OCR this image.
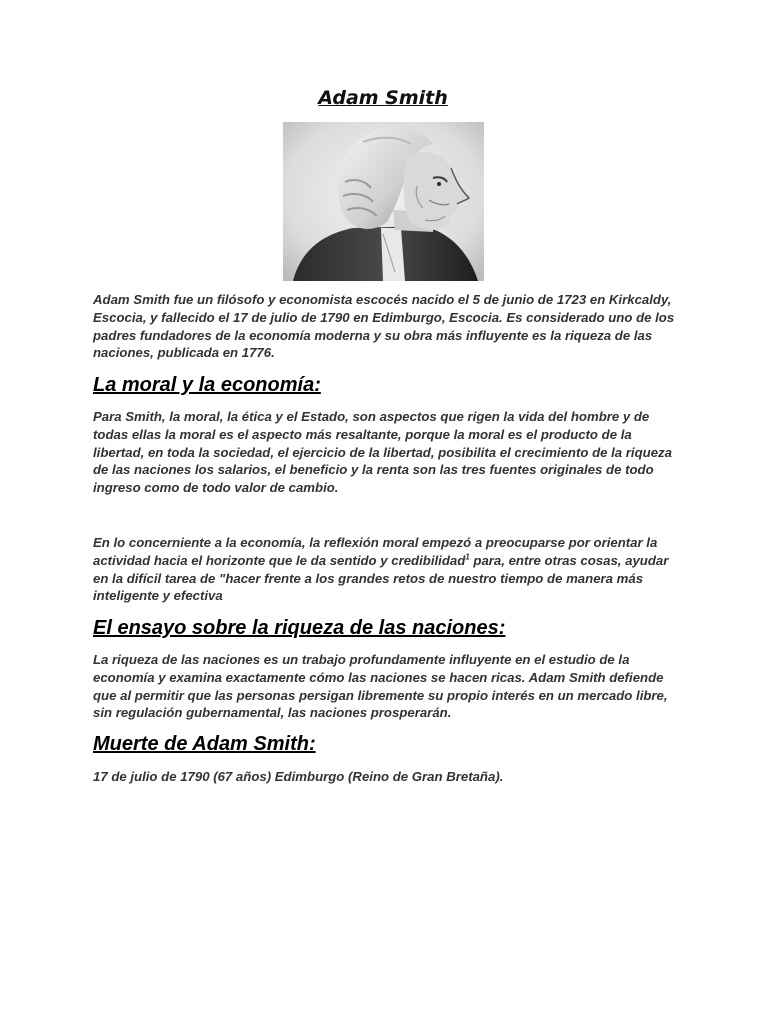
Adam Smith

Adam Smith fue un filósofo y economista escocés nacido el 5 de junio de 1723 en Kirkcaldy, Escocia, y fallecido el 17 de julio de 1790 en Edimburgo, Escocia. Es considerado uno de los padres fundadores de la economía moderna y su obra más influyente es la riqueza de las naciones, publicada en 1776.

La moral y la economía:

Para Smith, la moral, la ética y el Estado, son aspectos que rigen la vida del hombre y de todas ellas la moral es el aspecto más resaltante, porque la moral es el producto de la libertad, en toda la sociedad, el ejercicio de la libertad, posibilita el crecimiento de la riqueza de las naciones los salarios, el beneficio y la renta son las tres fuentes originales de todo ingreso como de todo valor de cambio.

En lo concerniente a la economía, la reflexión moral empezó a preocuparse por orientar la actividad hacia el horizonte que le da sentido y credibilidad$^1$ para, entre otras cosas, ayudar en la difícil tarea de "hacer frente a los grandes retos de nuestro tiempo de manera más inteligente y efectiva

El ensayo sobre la riqueza de las naciones:

La riqueza de las naciones es un trabajo profundamente influyente en el estudio de la economía y examina exactamente cómo las naciones se hacen ricas. Adam Smith defiende que al permitir que las personas persigan libremente su propio interés en un mercado libre, sin regulación gubernamental, las naciones prosperarán.

Muerte de Adam Smith:

17 de julio de 1790 (67 años) Edimburgo (Reino de Gran Bretaña).
